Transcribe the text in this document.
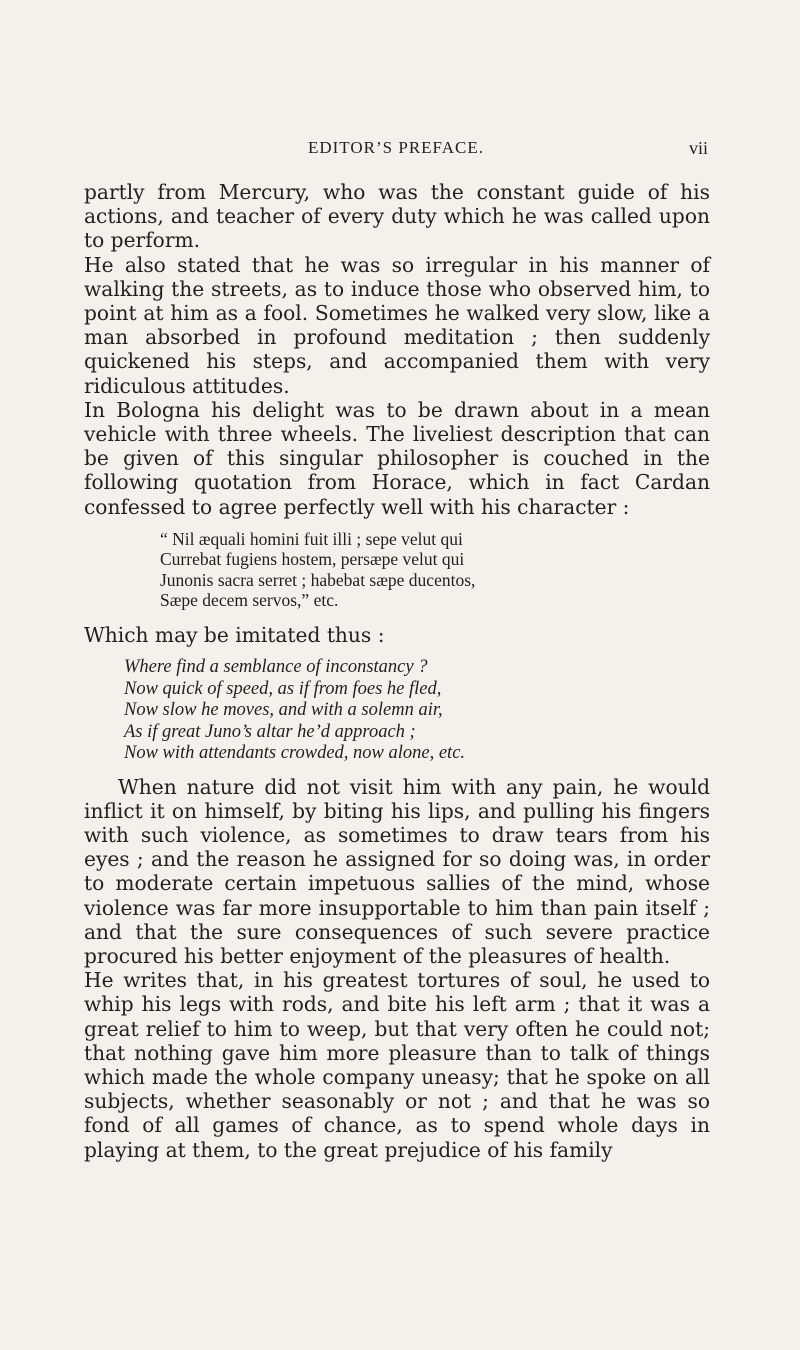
EDITOR’S PREFACE.	vii

partly from Mercury, who was the constant guide of his actions, and teacher of every duty which he was called upon to perform.

He also stated that he was so irregular in his manner of walking the streets, as to induce those who observed him, to point at him as a fool. Sometimes he walked very slow, like a man absorbed in profound meditation ; then suddenly quickened his steps, and accompanied them with very ridiculous attitudes.

In Bologna his delight was to be drawn about in a mean vehicle with three wheels. The liveliest description that can be given of this singular philosopher is couched in the following quotation from Horace, which in fact Cardan confessed to agree perfectly well with his character :

“ Nil æquali homini fuit illi ; sepe velut qui
Currebat fugiens hostem, persæpe velut qui
Junonis sacra serret ; habebat sæpe ducentos,
Sæpe decem servos,” etc.

Which may be imitated thus :

Where find a semblance of inconstancy ?
Now quick of speed, as if from foes he fled,
Now slow he moves, and with a solemn air,
As if great Juno’s altar he’d approach ;
Now with attendants crowded, now alone, etc.

When nature did not visit him with any pain, he would inflict it on himself, by biting his lips, and pulling his fingers with such violence, as sometimes to draw tears from his eyes ; and the reason he assigned for so doing was, in order to moderate certain impetuous sallies of the mind, whose violence was far more insupportable to him than pain itself ; and that the sure consequences of such severe practice procured his better enjoyment of the pleasures of health.

He writes that, in his greatest tortures of soul, he used to whip his legs with rods, and bite his left arm ; that it was a great relief to him to weep, but that very often he could not; that nothing gave him more pleasure than to talk of things which made the whole company uneasy; that he spoke on all subjects, whether seasonably or not ; and that he was so fond of all games of chance, as to spend whole days in playing at them, to the great prejudice of his family
